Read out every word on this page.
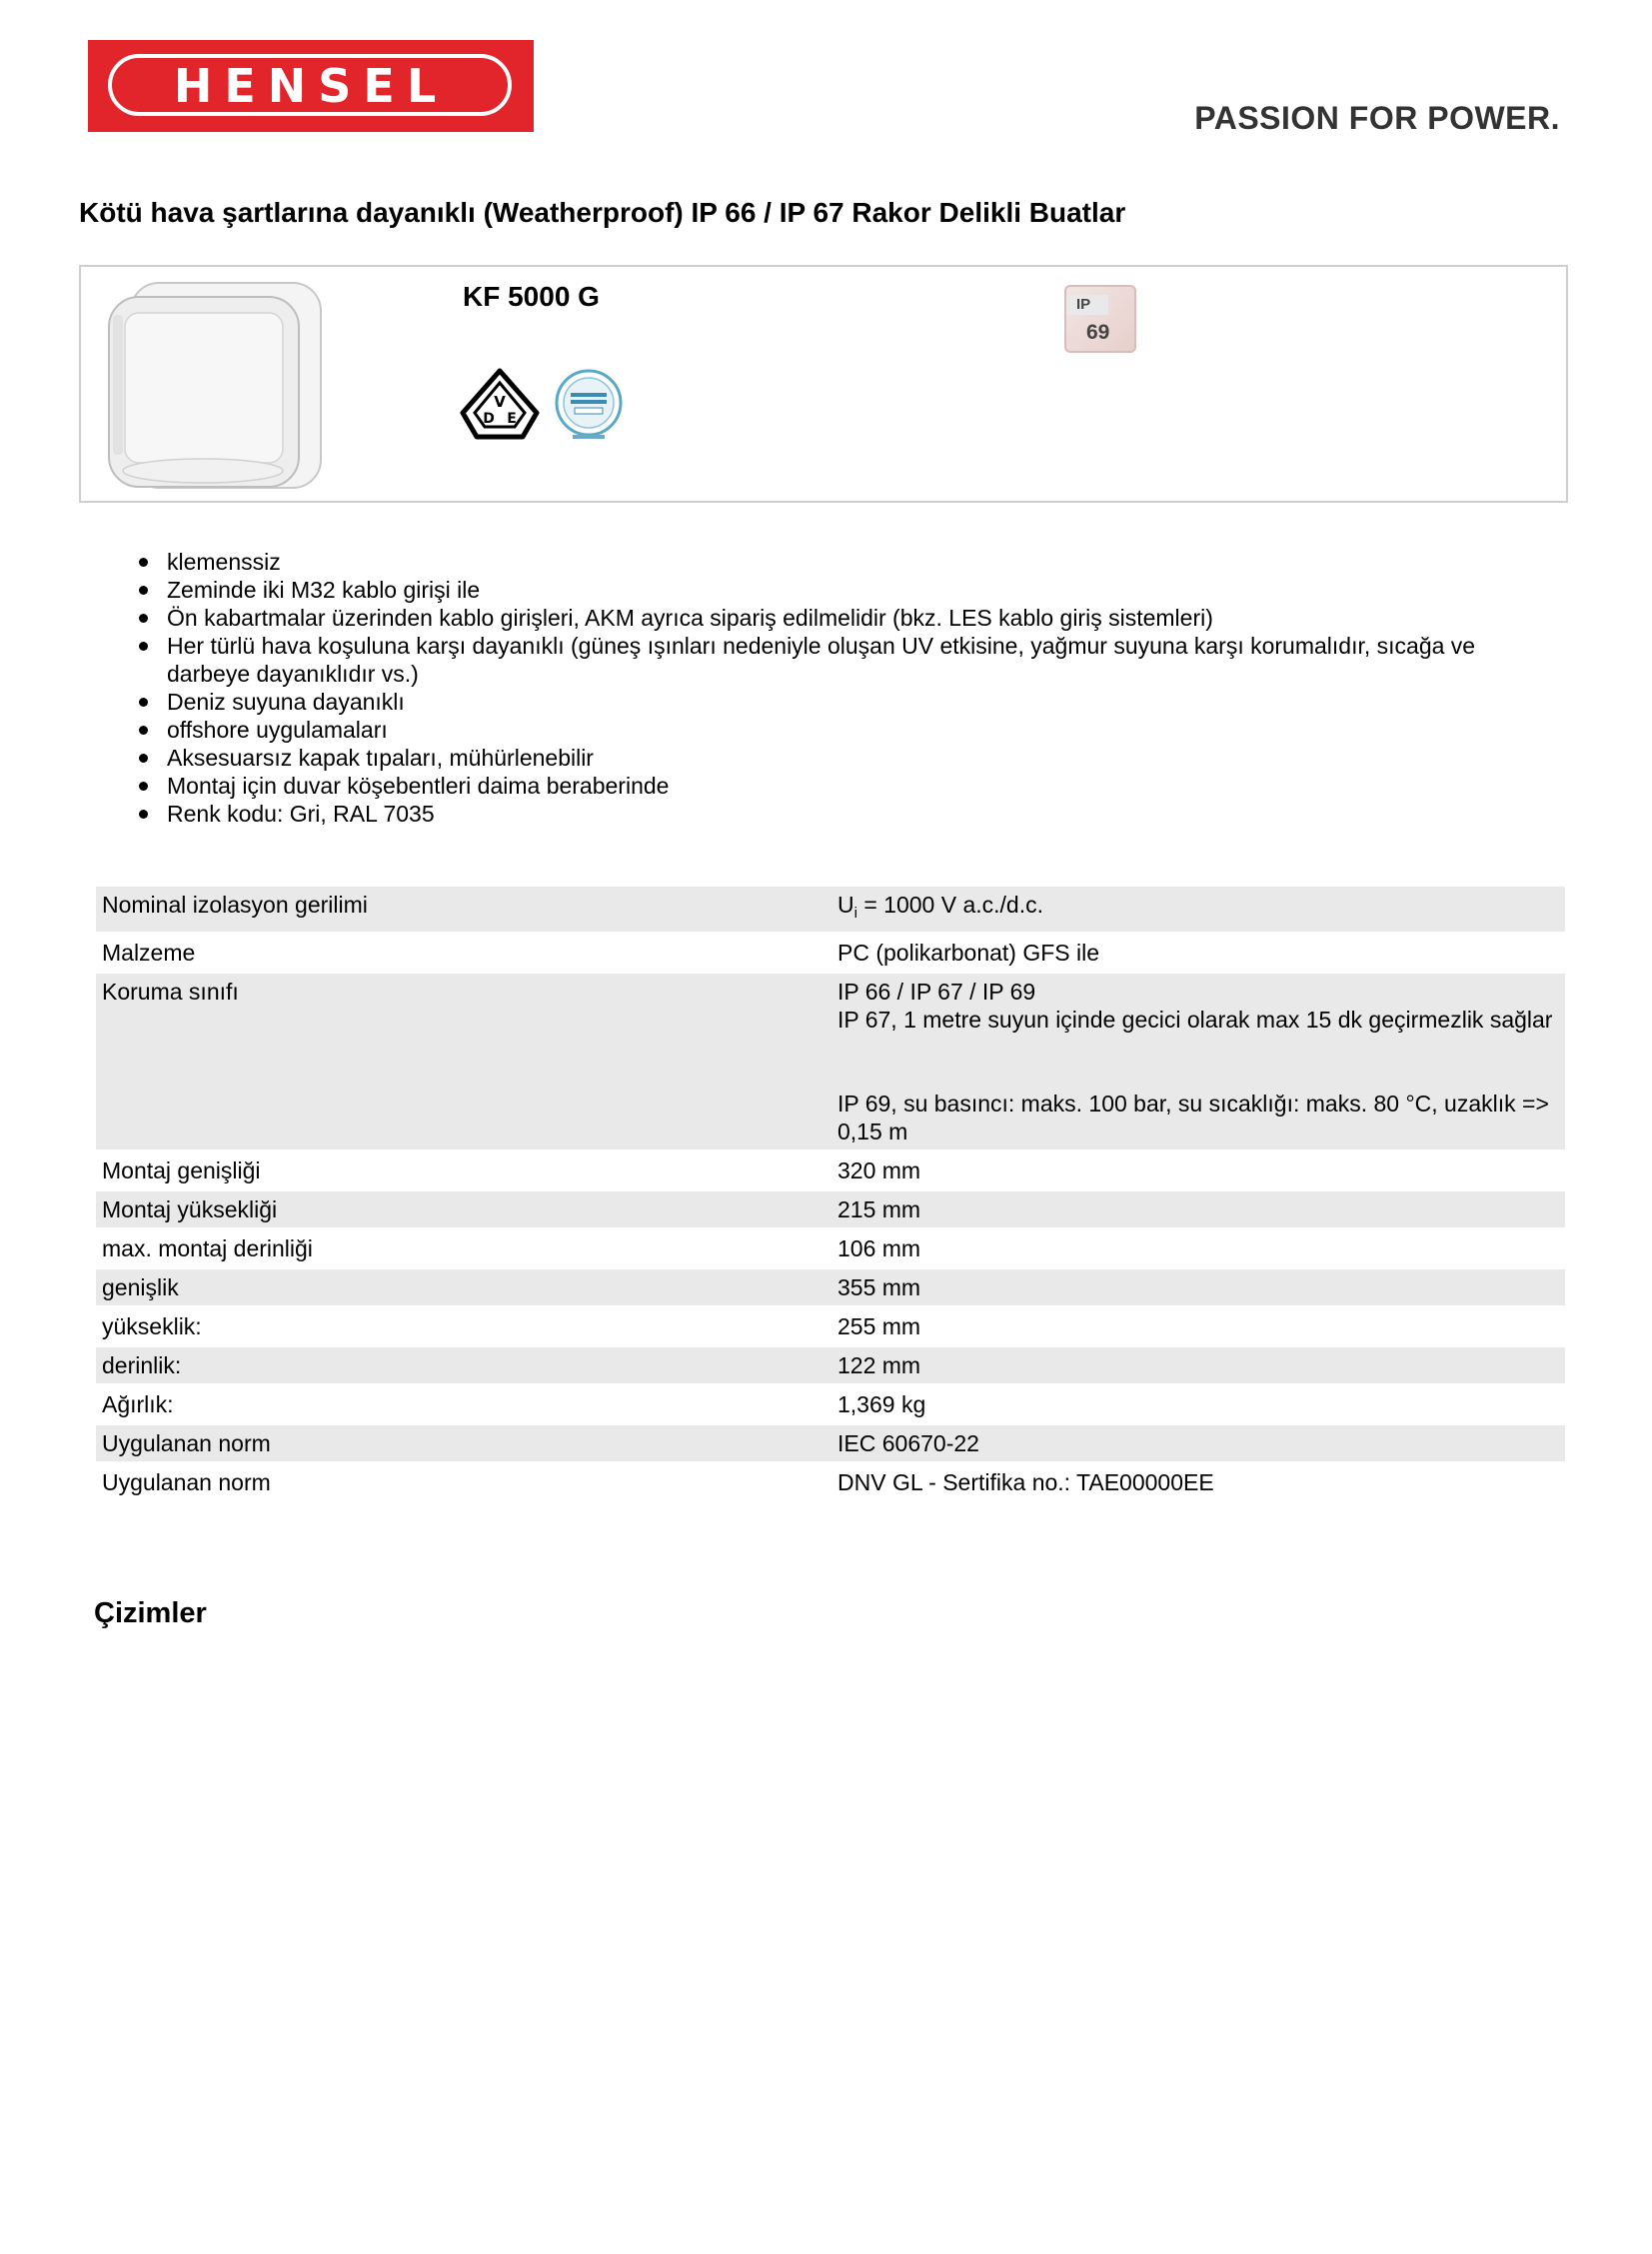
HENSEL
PASSION FOR POWER.
Kötü hava şartlarına dayanıklı (Weatherproof) IP 66 / IP 67 Rakor Delikli Buatlar
KF 5000 G
V
D E
IP
69
klemenssiz
Zeminde iki M32 kablo girişi ile
Ön kabartmalar üzerinden kablo girişleri, AKM ayrıca sipariş edilmelidir (bkz. LES kablo giriş sistemleri)
Her türlü hava koşuluna karşı dayanıklı (güneş ışınları nedeniyle oluşan UV etkisine, yağmur suyuna karşı korumalıdır, sıcağa ve darbeye dayanıklıdır vs.)
Deniz suyuna dayanıklı
offshore uygulamaları
Aksesuarsız kapak tıpaları, mühürlenebilir
Montaj için duvar köşebentleri daima beraberinde
Renk kodu: Gri, RAL 7035
Nominal izolasyon gerilimi	$U_i = 1000$ V a.c./d.c.
Malzeme	PC (polikarbonat) GFS ile
Koruma sınıfı	IP 66 / IP 67 / IP 69
IP 67, 1 metre suyun içinde gecici olarak max 15 dk geçirmezlik sağlar
IP 69, su basıncı: maks. 100 bar, su sıcaklığı: maks. 80 °C, uzaklık => 0,15 m

Montaj genişliği	320 mm
Montaj yüksekliği	215 mm
max. montaj derinliği	106 mm
genişlik	355 mm
yükseklik:	255 mm
derinlik:	122 mm
Ağırlık:	1,369 kg
Uygulanan norm	IEC 60670-22
Uygulanan norm	DNV GL - Sertifika no.: TAE00000EE
Çizimler
